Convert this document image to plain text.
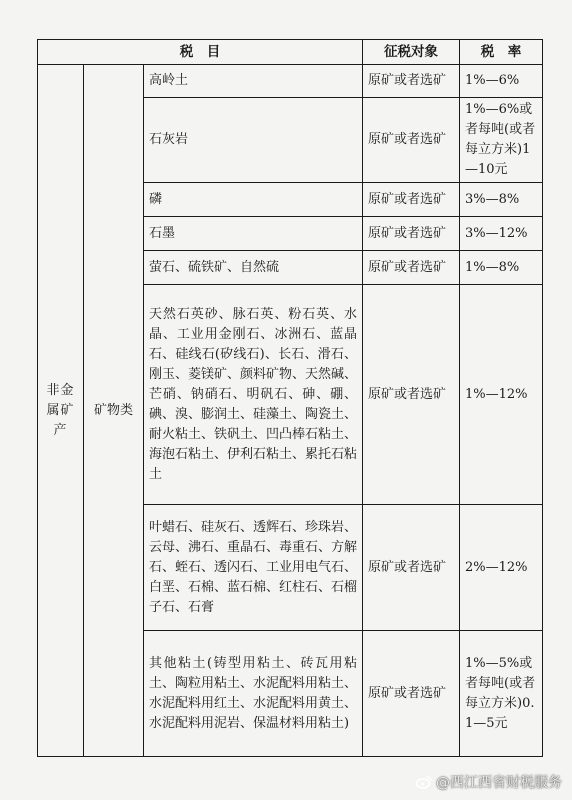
税　目			征税对象	税　率
非金属矿产	矿物类	高岭土	原矿或者选矿	1%—6%
		石灰岩	原矿或者选矿	1%—6%或者每吨(或者每立方米)1—10元
		磷	原矿或者选矿	3%—8%
		石墨	原矿或者选矿	3%—12%
		萤石、硫铁矿、自然硫	原矿或者选矿	1%—8%
		天然石英砂、脉石英、粉石英、水晶、工业用金刚石、冰洲石、蓝晶石、硅线石(矽线石)、长石、滑石、刚玉、菱镁矿、颜料矿物、天然碱、芒硝、钠硝石、明矾石、砷、硼、碘、溴、膨润土、硅藻土、陶瓷土、耐火粘土、铁矾土、凹凸棒石粘土、海泡石粘土、伊利石粘土、累托石粘土	原矿或者选矿	1%—12%
		叶蜡石、硅灰石、透辉石、珍珠岩、云母、沸石、重晶石、毒重石、方解石、蛭石、透闪石、工业用电气石、白垩、石棉、蓝石棉、红柱石、石榴子石、石膏	原矿或者选矿	2%—12%
		其他粘土(铸型用粘土、砖瓦用粘土、陶粒用粘土、水泥配料用粘土、水泥配料用红土、水泥配料用黄土、水泥配料用泥岩、保温材料用粘土)	原矿或者选矿	1%—5%或者每吨(或者每立方米)0.1—5元
@西江西省财税服务
